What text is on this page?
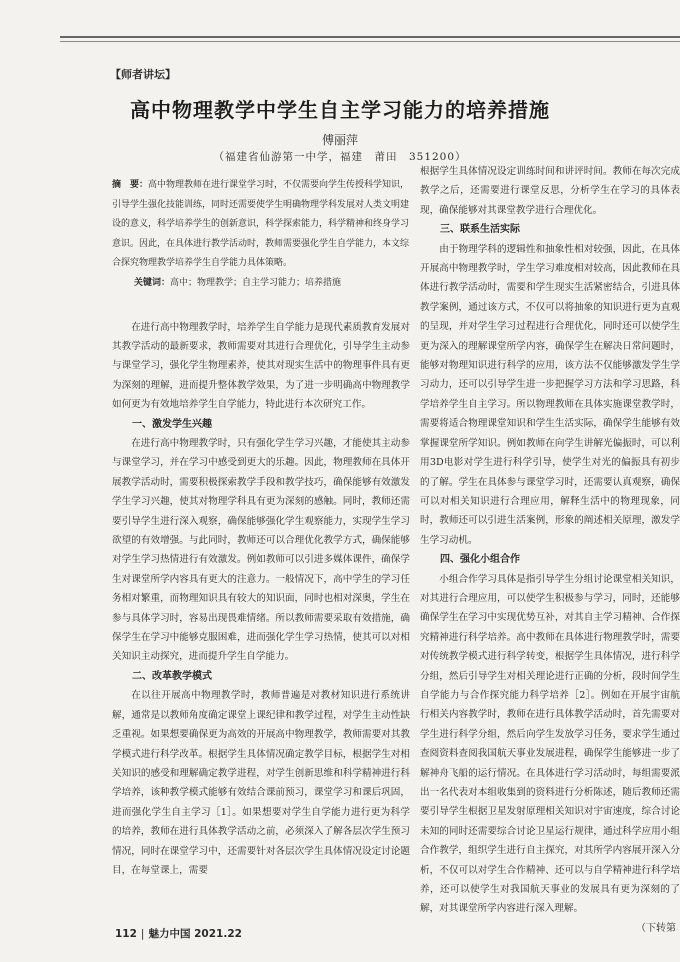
【师者讲坛】
高中物理教学中学生自主学习能力的培养措施
傅丽萍
（福建省仙游第一中学，福建　莆田　351200）
摘　要：高中物理教师在进行课堂学习时，不仅需要向学生传授科学知识，引导学生强化技能训练，同时还需要使学生明确物理学科发展对人类文明建设的意义，科学培养学生的创新意识，科学探索能力，科学精神和终身学习意识。因此，在具体进行教学活动时，教师需要强化学生自学能力，本文综合探究物理教学培养学生自学能力具体策略。
关键词：高中；物理教学；自主学习能力；培养措施

在进行高中物理教学时，培养学生自学能力是现代素质教育发展对其教学活动的最新要求，教师需要对其进行合理优化，引导学生主动参与课堂学习，强化学生物理素养，使其对现实生活中的物理事件具有更为深刻的理解，进而提升整体教学效果，为了进一步明确高中物理教学如何更为有效地培养学生自学能力，特此进行本次研究工作。

一、激发学生兴趣

在进行高中物理教学时，只有强化学生学习兴趣，才能使其主动参与课堂学习，并在学习中感受到更大的乐趣。因此，物理教师在具体开展教学活动时，需要积极探索教学手段和教学技巧，确保能够有效激发学生学习兴趣，使其对物理学科具有更为深刻的感触。同时，教师还需要引导学生进行深入观察，确保能够强化学生观察能力，实现学生学习欲望的有效增强。与此同时，教师还可以合理优化教学方式，确保能够对学生学习热情进行有效激发。例如教师可以引进多媒体课件，确保学生对课堂所学内容具有更大的注意力。一般情况下，高中学生的学习任务相对繁重，而物理知识具有较大的知识面，同时也相对深奥，学生在参与具体学习时，容易出现畏难情绪。所以教师需要采取有效措施，确保学生在学习中能够克服困难，进而强化学生学习热情，使其可以对相关知识主动探究，进而提升学生自学能力。

二、改革教学模式

在以往开展高中物理教学时，教师普遍是对教材知识进行系统讲解，通常是以教师角度确定课堂上课纪律和教学过程，对学生主动性缺乏重视。如果想要确保更为高效的开展高中物理教学，教师需要对其教学模式进行科学改革。根据学生具体情况确定教学目标，根据学生对相关知识的感受和理解确定教学进程，对学生创新思维和科学精神进行科学培养，该种教学模式能够有效结合课前预习，课堂学习和课后巩固，进而强化学生自主学习［1］。如果想要对学生自学能力进行更为科学的培养，教师在进行具体教学活动之前，必须深入了解各层次学生预习情况，同时在课堂学习中，还需要针对各层次学生具体情况设定讨论题目，在每堂课上，需要

根据学生具体情况设定训练时间和讲评时间。教师在每次完成教学之后，还需要进行课堂反思，分析学生在学习的具体表现，确保能够对其课堂教学进行合理优化。

三、联系生活实际

由于物理学科的逻辑性和抽象性相对较强，因此，在具体开展高中物理教学时，学生学习难度相对较高，因此教师在具体进行教学活动时，需要和学生现实生活紧密结合，引进具体教学案例，通过该方式，不仅可以将抽象的知识进行更为直观的呈现，并对学生学习过程进行合理优化，同时还可以使学生更为深入的理解课堂所学内容，确保学生在解决日常问题时，能够对物理知识进行科学的应用，该方法不仅能够激发学生学习动力，还可以引导学生进一步把握学习方法和学习思路，科学培养学生自主学习。所以物理教师在具体实施课堂教学时，需要将适合物理课堂知识和学生生活实际，确保学生能够有效掌握课堂所学知识。例如教师在向学生讲解光偏振时，可以利用3D电影对学生进行科学引导，使学生对光的偏振具有初步的了解。学生在具体参与课堂学习时，还需要认真观察，确保可以对相关知识进行合理应用，解释生活中的物理现象，同时，教师还可以引进生活案例，形象的阐述相关原理，激发学生学习动机。

四、强化小组合作

小组合作学习具体是指引导学生分组讨论课堂相关知识，对其进行合理应用，可以使学生积极参与学习，同时，还能够确保学生在学习中实现优势互补，对其自主学习精神、合作探究精神进行科学培养。高中教师在具体进行物理教学时，需要对传统教学模式进行科学转变，根据学生具体情况，进行科学分组，然后引导学生对相关理论进行正确的分析，段时间学生自学能力与合作探究能力科学培养［2］。例如在开展宇宙航行相关内容教学时，教师在进行具体教学活动时，首先需要对学生进行科学分组，然后向学生发放学习任务，要求学生通过查阅资料查阅我国航天事业发展进程，确保学生能够进一步了解神舟飞船的运行情况。在具体进行学习活动时，每组需要派出一名代表对本组收集到的资料进行分析陈述，随后教师还需要引导学生根据卫星发射原理相关知识对宇宙速度，综合讨论未知的同时还需要综合讨论卫星运行规律，通过科学应用小组合作教学，组织学生进行自主探究，对其所学内容展开深入分析，不仅可以对学生合作精神、还可以与自学精神进行科学培养，还可以使学生对我国航天事业的发展具有更为深刻的了解，对其课堂所学内容进行深入理解。

（下转第
112 | 魅力中国 2021.22
